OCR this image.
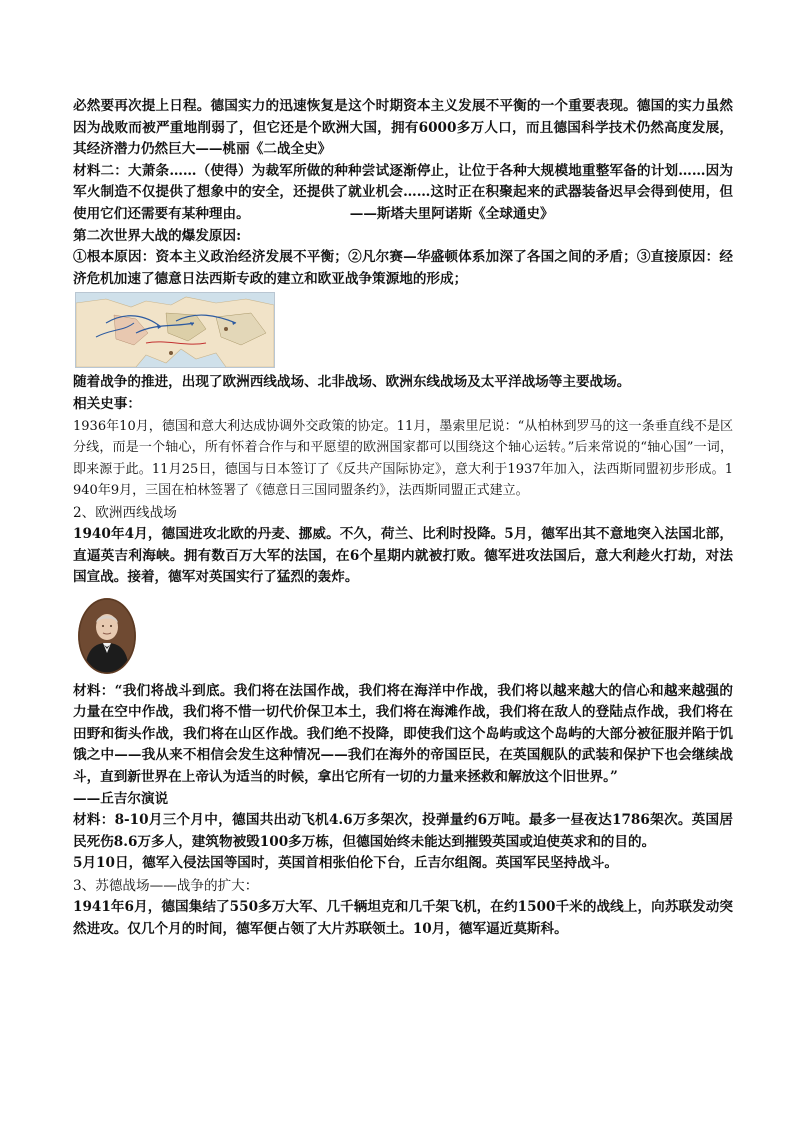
必然要再次提上日程。德国实力的迅速恢复是这个时期资本主义发展不平衡的一个重要表现。德国的实力虽然因为战败而被严重地削弱了，但它还是个欧洲大国，拥有6000多万人口，而且德国科学技术仍然高度发展，其经济潜力仍然巨大——桃丽《二战全史》

材料二：大萧条……（使得）为裁军所做的种种尝试逐渐停止，让位于各种大规模地重整军备的计划……因为军火制造不仅提供了想象中的安全，还提供了就业机会……这时正在积聚起来的武器装备迟早会得到使用，但使用它们还需要有某种理由。	——斯塔夫里阿诺斯《全球通史》

第二次世界大战的爆发原因:

①根本原因：资本主义政治经济发展不平衡；②凡尔赛—华盛顿体系加深了各国之间的矛盾；③直接原因：经济危机加速了德意日法西斯专政的建立和欧亚战争策源地的形成；

随着战争的推进，出现了欧洲西线战场、北非战场、欧洲东线战场及太平洋战场等主要战场。

相关史事：

1936年10月，德国和意大利达成协调外交政策的协定。11月，墨索里尼说：“从柏林到罗马的这一条垂直线不是区分线，而是一个轴心，所有怀着合作与和平愿望的欧洲国家都可以围绕这个轴心运转。”后来常说的“轴心国”一词，即来源于此。11月25日，德国与日本签订了《反共产国际协定》，意大利于1937年加入，法西斯同盟初步形成。1940年9月，三国在柏林签署了《德意日三国同盟条约》，法西斯同盟正式建立。

2、欧洲西线战场

1940年4月，德国进攻北欧的丹麦、挪威。不久，荷兰、比利时投降。5月，德军出其不意地突入法国北部，直逼英吉利海峡。拥有数百万大军的法国，在6个星期内就被打败。德军进攻法国后，意大利趁火打劫，对法国宣战。接着，德军对英国实行了猛烈的轰炸。

材料：“我们将战斗到底。我们将在法国作战，我们将在海洋中作战，我们将以越来越大的信心和越来越强的力量在空中作战，我们将不惜一切代价保卫本土，我们将在海滩作战，我们将在敌人的登陆点作战，我们将在田野和街头作战，我们将在山区作战。我们绝不投降，即使我们这个岛屿或这个岛屿的大部分被征服并陷于饥饿之中——我从来不相信会发生这种情况——我们在海外的帝国臣民，在英国舰队的武装和保护下也会继续战斗，直到新世界在上帝认为适当的时候，拿出它所有一切的力量来拯救和解放这个旧世界。”

——丘吉尔演说

材料：8-10月三个月中，德国共出动飞机4.6万多架次，投弹量约6万吨。最多一昼夜达1786架次。英国居民死伤8.6万多人，建筑物被毁100多万栋，但德国始终未能达到摧毁英国或迫使英求和的目的。

5月10日，德军入侵法国等国时，英国首相张伯伦下台，丘吉尔组阁。英国军民坚持战斗。

3、苏德战场——战争的扩大：

1941年6月，德国集结了550多万大军、几千辆坦克和几千架飞机，在约1500千米的战线上，向苏联发动突然进攻。仅几个月的时间，德军便占领了大片苏联领土。10月，德军逼近莫斯科。
